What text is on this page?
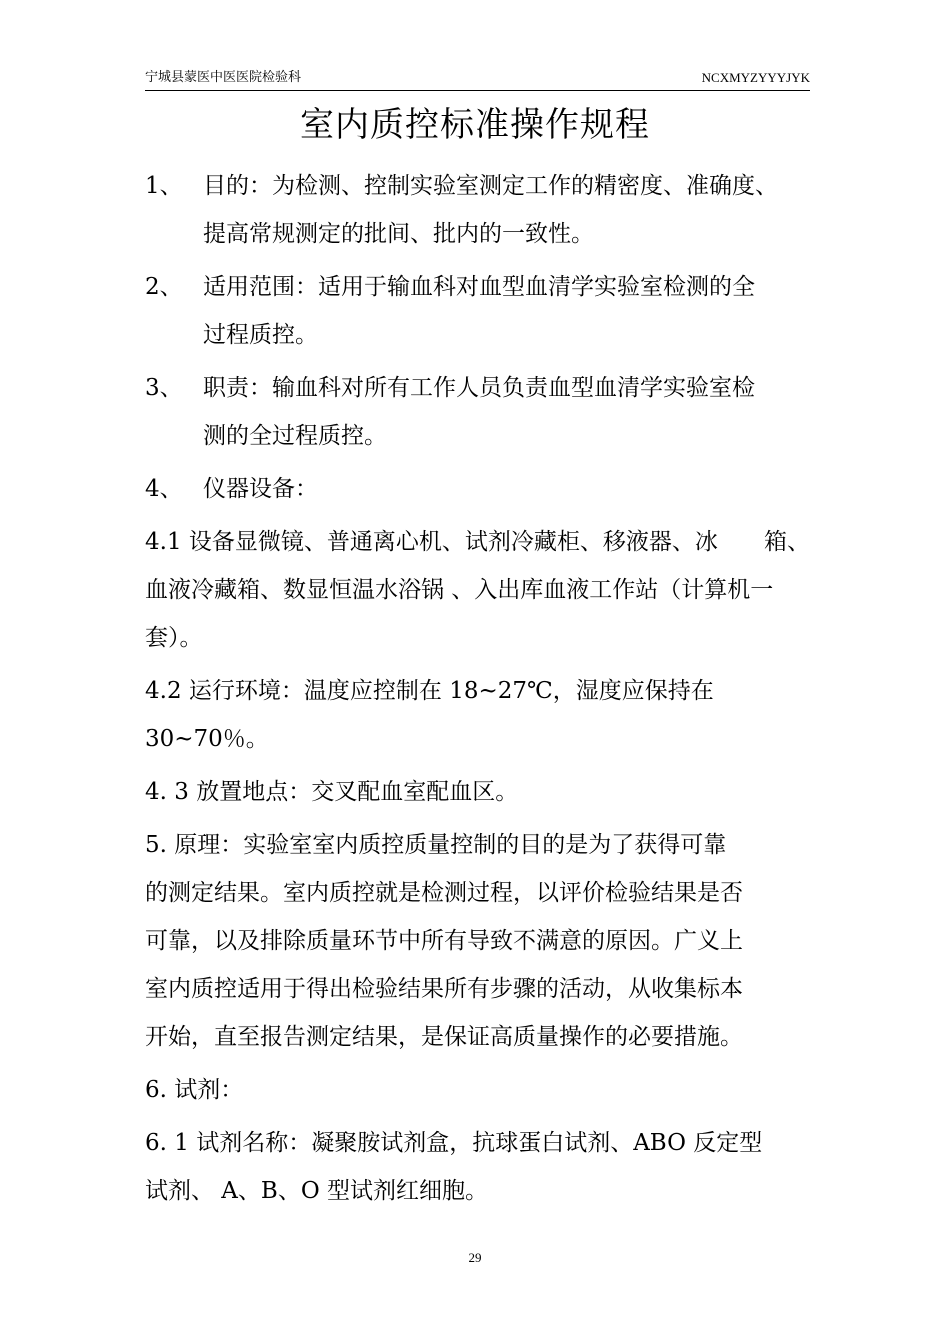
宁城县蒙医中医医院检验科	NCXMYZYYYJYK
室内质控标准操作规程
1、 目的：为检测、控制实验室测定工作的精密度、准确度、
提高常规测定的批间、批内的一致性。
2、 适用范围：适用于输血科对血型血清学实验室检测的全
过程质控。
3、 职责：输血科对所有工作人员负责血型血清学实验室检
测的全过程质控。
4、 仪器设备：
4.1 设备显微镜、普通离心机、试剂冷藏柜、移液器、冰 箱、
血液冷藏箱、数显恒温水浴锅 、入出库血液工作站（计算机一
套）。
4.2 运行环境：温度应控制在 18~27℃，湿度应保持在
30~70％。
4. 3 放置地点：交叉配血室配血区。
5. 原理：实验室室内质控质量控制的目的是为了获得可靠
的测定结果。室内质控就是检测过程，以评价检验结果是否
可靠，以及排除质量环节中所有导致不满意的原因。广义上
室内质控适用于得出检验结果所有步骤的活动，从收集标本
开始，直至报告测定结果，是保证高质量操作的必要措施。
6. 试剂：
6. 1 试剂名称：凝聚胺试剂盒，抗球蛋白试剂、ABO 反定型
试剂、 A、B、O 型试剂红细胞。
29
